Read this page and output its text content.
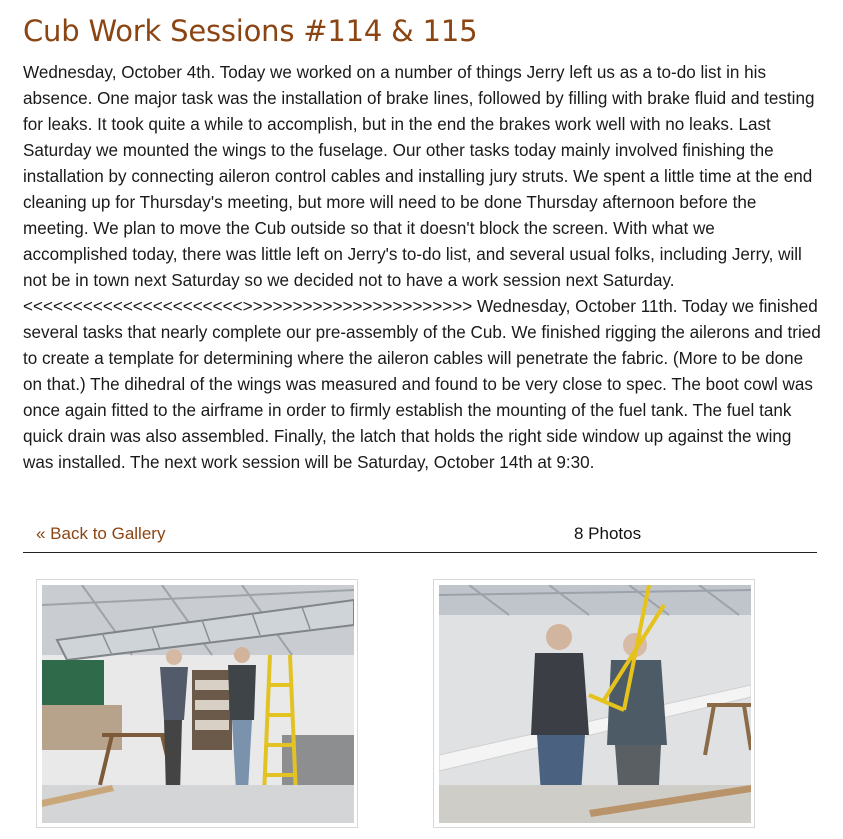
Cub Work Sessions #114 & 115

Wednesday, October 4th. Today we worked on a number of things Jerry left us as a to-do list in his absence. One major task was the installation of brake lines, followed by filling with brake fluid and testing for leaks. It took quite a while to accomplish, but in the end the brakes work well with no leaks. Last Saturday we mounted the wings to the fuselage. Our other tasks today mainly involved finishing the installation by connecting aileron control cables and installing jury struts. We spent a little time at the end cleaning up for Thursday's meeting, but more will need to be done Thursday afternoon before the meeting. We plan to move the Cub outside so that it doesn't block the screen. With what we accomplished today, there was little left on Jerry's to-do list, and several usual folks, including Jerry, will not be in town next Saturday so we decided not to have a work session next Saturday. <<<<<<<<<<<<<<<<<<<<<<>>>>>>>>>>>>>>>>>>>>>>> Wednesday, October 11th. Today we finished several tasks that nearly complete our pre-assembly of the Cub. We finished rigging the ailerons and tried to create a template for determining where the aileron cables will penetrate the fabric. (More to be done on that.) The dihedral of the wings was measured and found to be very close to spec. The boot cowl was once again fitted to the airframe in order to firmly establish the mounting of the fuel tank. The fuel tank quick drain was also assembled. Finally, the latch that holds the right side window up against the wing was installed. The next work session will be Saturday, October 14th at 9:30.

« Back to Gallery	8 Photos
